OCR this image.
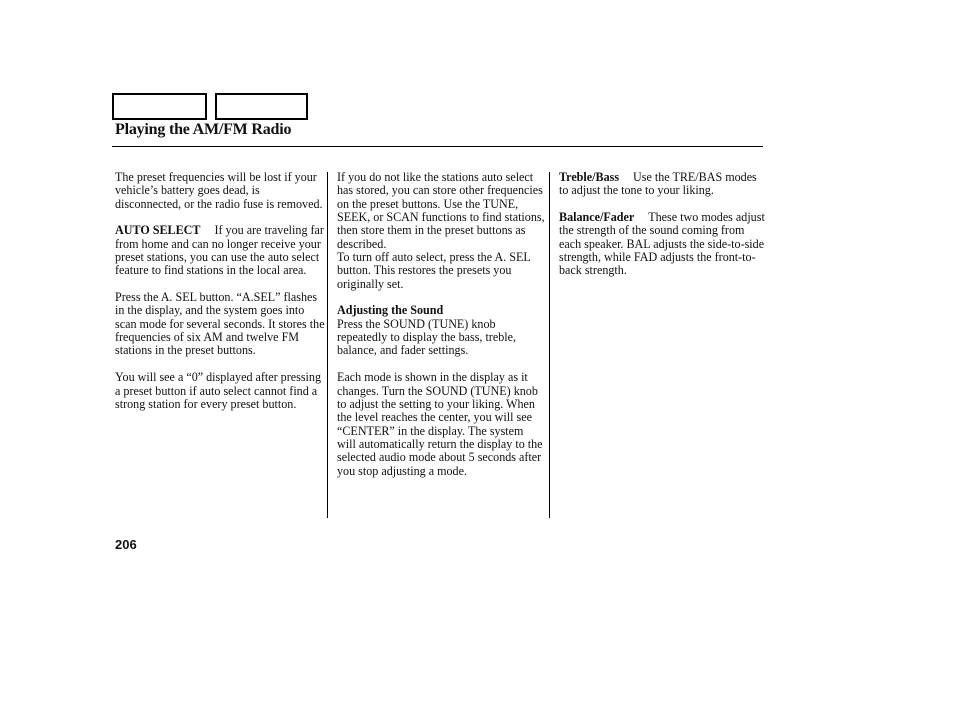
Playing the AM/FM Radio

The preset frequencies will be lost if your vehicle’s battery goes dead, is disconnected, or the radio fuse is removed.

AUTO SELECT If you are traveling far from home and can no longer receive your preset stations, you can use the auto select feature to find stations in the local area.

Press the A. SEL button. “A.SEL” flashes in the display, and the system goes into scan mode for several seconds. It stores the frequencies of six AM and twelve FM stations in the preset buttons.

You will see a “0” displayed after pressing a preset button if auto select cannot find a strong station for every preset button.

If you do not like the stations auto select has stored, you can store other frequencies on the preset buttons. Use the TUNE, SEEK, or SCAN functions to find stations, then store them in the preset buttons as described.

To turn off auto select, press the A. SEL button. This restores the presets you originally set.

Adjusting the Sound
Press the SOUND (TUNE) knob repeatedly to display the bass, treble, balance, and fader settings.

Each mode is shown in the display as it changes. Turn the SOUND (TUNE) knob to adjust the setting to your liking. When the level reaches the center, you will see “CENTER” in the display. The system will automatically return the display to the selected audio mode about 5 seconds after you stop adjusting a mode.

Treble/Bass Use the TRE/BAS modes to adjust the tone to your liking.

Balance/Fader These two modes adjust the strength of the sound coming from each speaker. BAL adjusts the side-to-side strength, while FAD adjusts the front-to-back strength.

206
